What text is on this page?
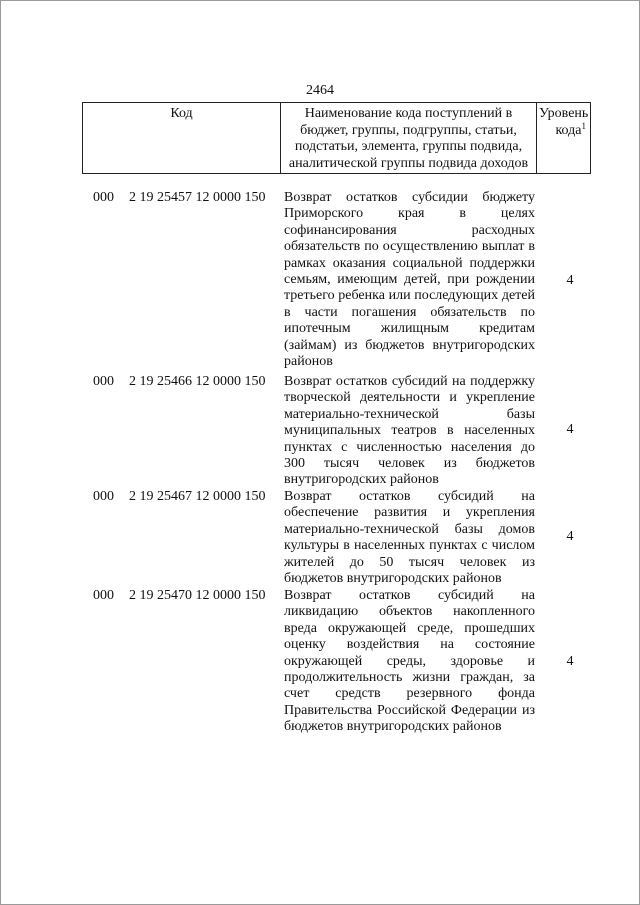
2464
Код	Наименование кода поступлений в бюджет, группы, подгруппы, статьи, подстатьи, элемента, группы подвида, аналитической группы подвида доходов
Уровень кода$^1$
000 2 19 25457 12 0000 150 Возврат остатков субсидии бюджету Приморского края в целях софинансирования расходных обязательств по осуществлению выплат в рамках оказания социальной поддержки семьям, имеющим детей, при рождении третьего ребенка или последующих детей в части погашения обязательств по ипотечным жилищным кредитам (займам) из бюджетов внутригородских районов
4
000 2 19 25466 12 0000 150 Возврат остатков субсидий на поддержку творческой деятельности и укрепление материально-технической базы муниципальных театров в населенных пунктах с численностью населения до 300 тысяч человек из бюджетов внутригородских районов
4
000 2 19 25467 12 0000 150 Возврат остатков субсидий на обеспечение развития и укрепления материально-технической базы домов культуры в населенных пунктах с числом жителей до 50 тысяч человек из бюджетов внутригородских районов
4
000 2 19 25470 12 0000 150 Возврат остатков субсидий на ликвидацию объектов накопленного вреда окружающей среде, прошедших оценку воздействия на состояние окружающей среды, здоровье и продолжительность жизни граждан, за счет средств резервного фонда Правительства Российской Федерации из бюджетов внутригородских районов
4
